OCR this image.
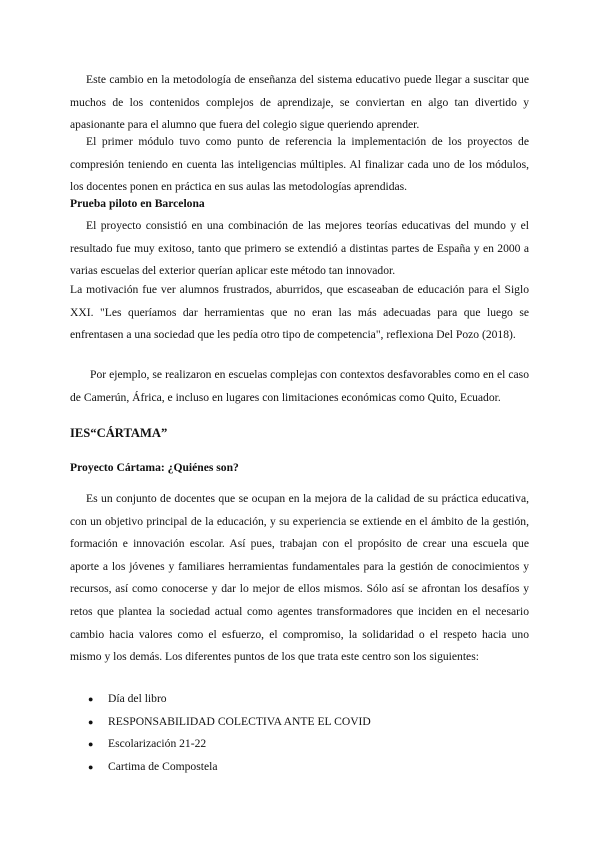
Este cambio en la metodología de enseñanza del sistema educativo puede llegar a suscitar que muchos de los contenidos complejos de aprendizaje, se conviertan en algo tan divertido y apasionante para el alumno que fuera del colegio sigue queriendo aprender.

El primer módulo tuvo como punto de referencia la implementación de los proyectos de compresión teniendo en cuenta las inteligencias múltiples. Al finalizar cada uno de los módulos, los docentes ponen en práctica en sus aulas las metodologías aprendidas.

Prueba piloto en Barcelona

El proyecto consistió en una combinación de las mejores teorías educativas del mundo y el resultado fue muy exitoso, tanto que primero se extendió a distintas partes de España y en 2000 a varias escuelas del exterior querían aplicar este método tan innovador.

La motivación fue ver alumnos frustrados, aburridos, que escaseaban de educación para el Siglo XXI. "Les queríamos dar herramientas que no eran las más adecuadas para que luego se enfrentasen a una sociedad que les pedía otro tipo de competencia", reflexiona Del Pozo (2018).

Por ejemplo, se realizaron en escuelas complejas con contextos desfavorables como en el caso de Camerún, África, e incluso en lugares con limitaciones económicas como Quito, Ecuador.

IES“CÁRTAMA”
Proyecto Cártama: ¿Quiénes son?

Es un conjunto de docentes que se ocupan en la mejora de la calidad de su práctica educativa, con un objetivo principal de la educación, y su experiencia se extiende en el ámbito de la gestión, formación e innovación escolar. Así pues, trabajan con el propósito de crear una escuela que aporte a los jóvenes y familiares herramientas fundamentales para la gestión de conocimientos y recursos, así como conocerse y dar lo mejor de ellos mismos. Sólo así se afrontan los desafíos y retos que plantea la sociedad actual como agentes transformadores que inciden en el necesario cambio hacia valores como el esfuerzo, el compromiso, la solidaridad o el respeto hacia uno mismo y los demás. Los diferentes puntos de los que trata este centro son los siguientes:

● Día del libro
● RESPONSABILIDAD COLECTIVA ANTE EL COVID
● Escolarización 21-22
● Cartima de Compostela
